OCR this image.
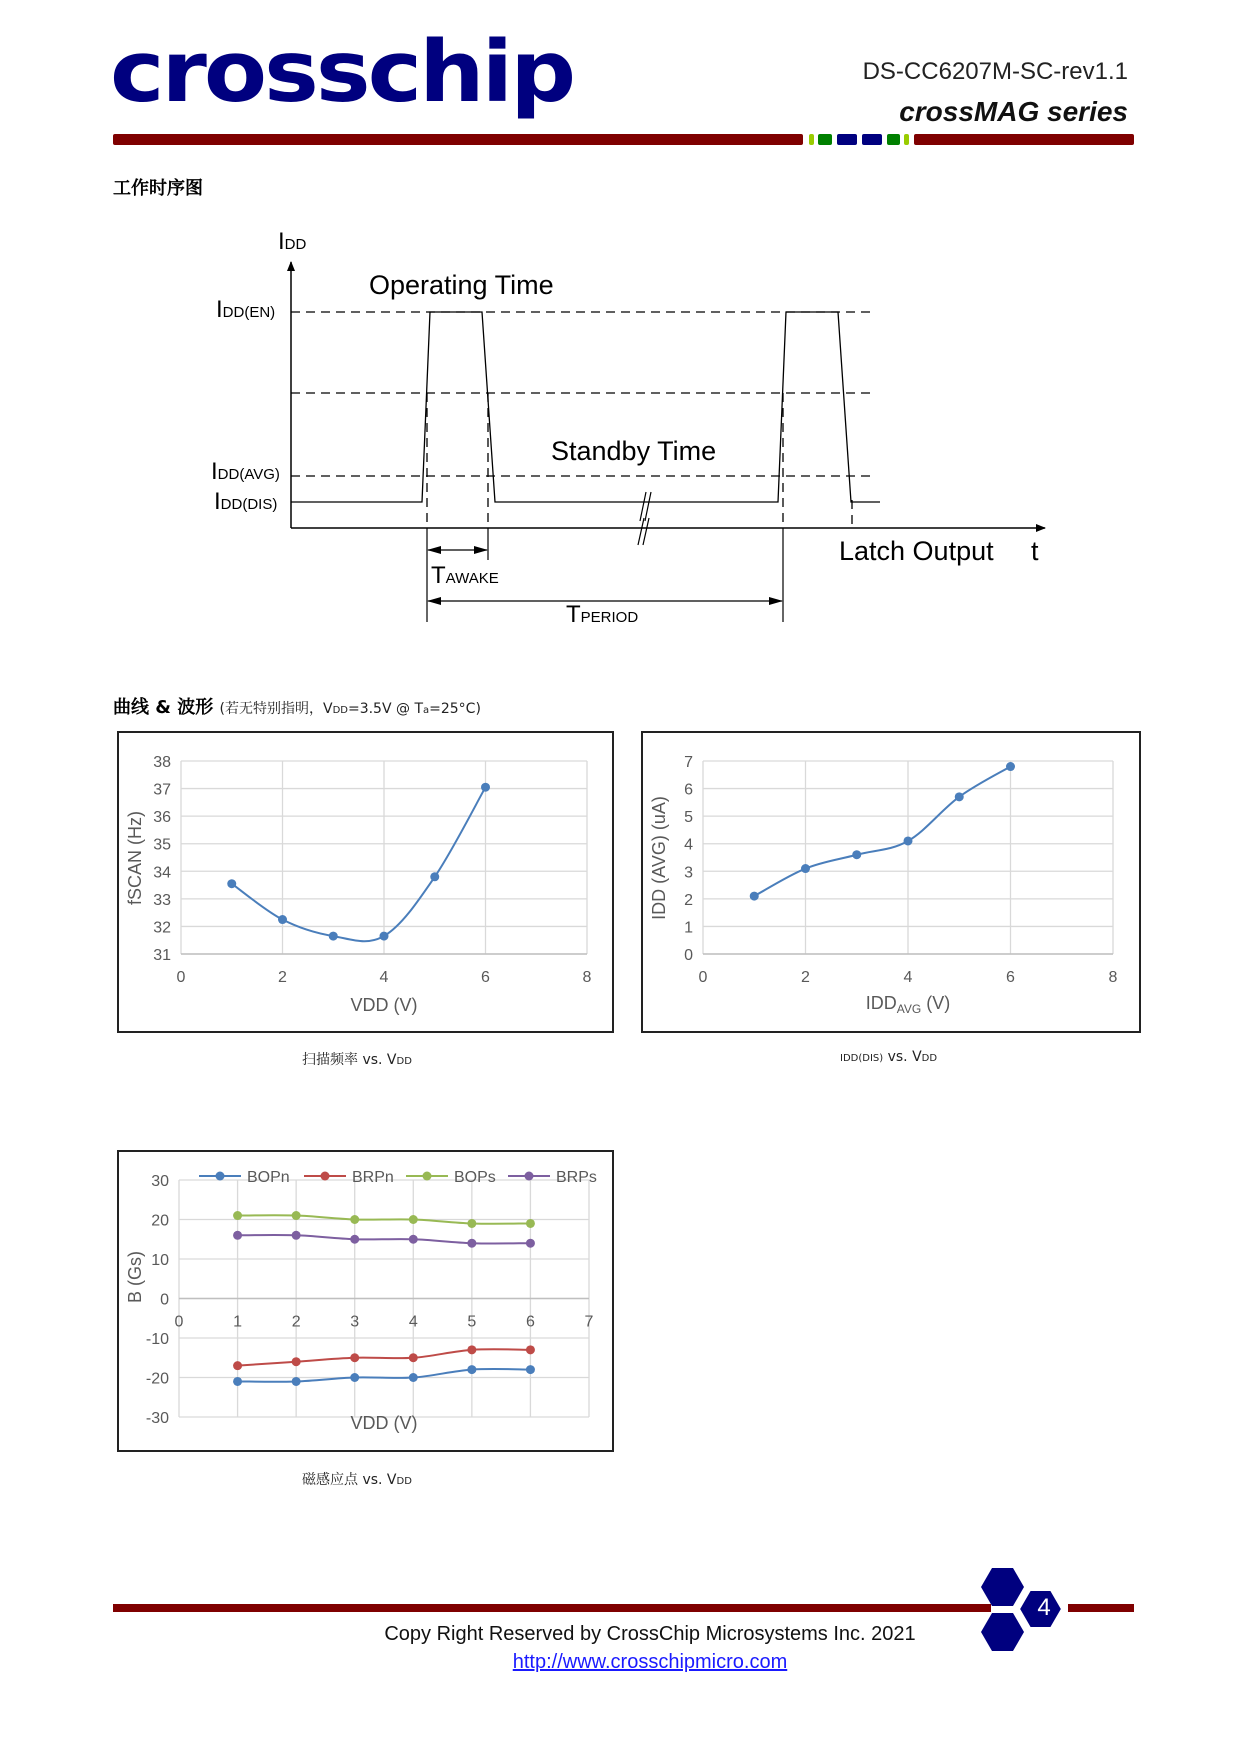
crosschip	DS-CC6207M-SC-rev1.1
crossMAG series
工作时序图
IDD
IDD(EN)
IDD(AVG)
IDD(DIS)
Operating Time
Standby Time
Latch Output t
TAWAKE
TPERIOD
曲线 & 波形 (若无特别指明，VDD=3.5V @ Ta=25°C)
31
32
33
34
35
36
37
38
0	2	4	6	8
VDD (V)
fSCAN (Hz)
扫描频率 vs. VDD
0
1
2
3
4
5
6
7
0	2	4	6	8
$IDD_{AVG}$ (V)
IDD (AVG) (uA)
IDD(DIS) vs. VDD
-30
-20
-10
0
10
20
30
0	1	2	3	4	5	6	7
VDD (V)
B (Gs)
BOPn	BRPn	BOPs	BRPs
磁感应点 vs. VDD
4
Copy Right Reserved by CrossChip Microsystems Inc. 2021
http://www.crosschipmicro.com
